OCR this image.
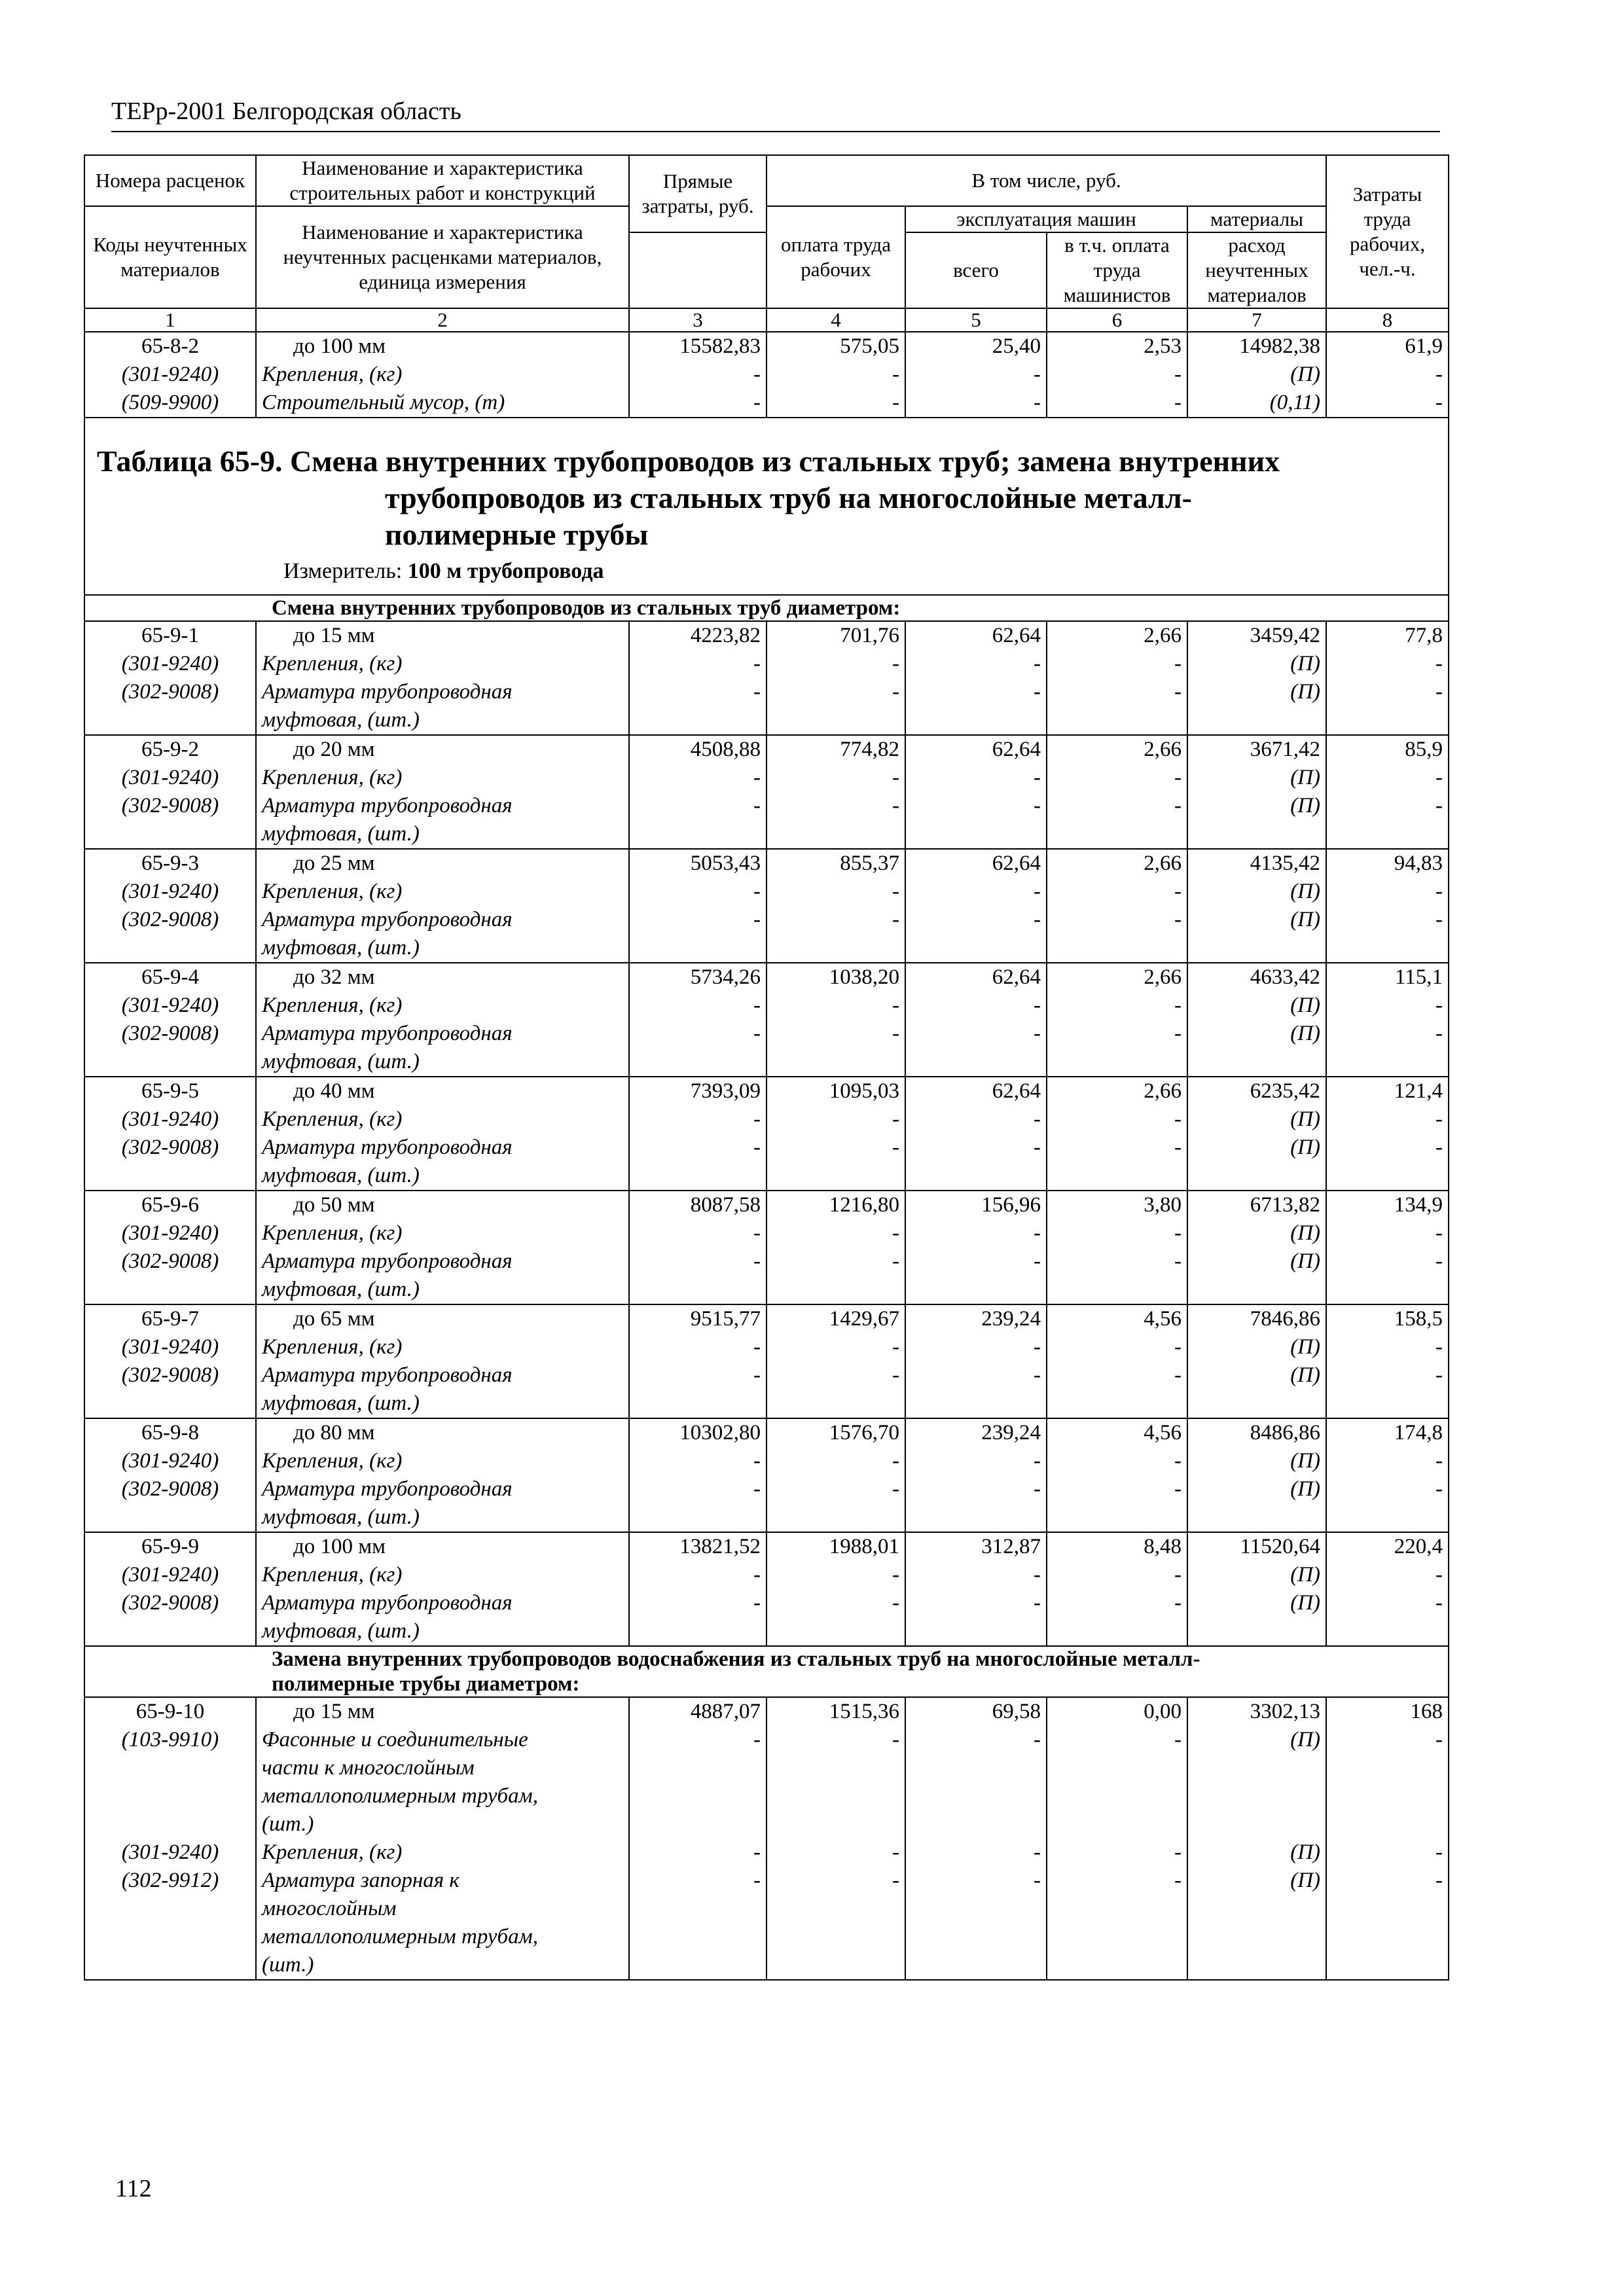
ТЕРр-2001 Белгородская область
Номера расценок	Наименование и характеристика строительных работ и конструкций	Прямые затраты, руб.	В том числе, руб.				Затраты труда рабочих, чел.-ч.
Коды неучтенных материалов	Наименование и характеристика неучтенных расценками материалов, единица измерения		оплата труда рабочих	эксплуатация машин		материалы	
				всего	в т.ч. оплата труда машинистов	расход неучтенных материалов	

1	2	3	4	5	6	7	8
65-8-2	до 100 мм	15582,83	575,05	25,40	2,53	14982,38	61,9
(301-9240)	Крепления, (кг)	-	-	-	-	(П)	-
(509-9900)	Строительный мусор, (т)	-	-	-	-	(0,11)	-

Таблица 65-9. Смена внутренних трубопроводов из стальных труб; замена внутренних
трубопроводов из стальных труб на многослойные металл-
полимерные трубы
Измеритель: 100 м трубопровода							

Смена внутренних трубопроводов из стальных труб диаметром:							
65-9-1	до 15 мм	4223,82	701,76	62,64	2,66	3459,42	77,8
(301-9240)	Крепления, (кг)	-	-	-	-	(П)	-
(302-9008)	Арматура трубопроводная
муфтовая, (шт.)	-	-	-	-	(П)	-
65-9-2	до 20 мм	4508,88	774,82	62,64	2,66	3671,42	85,9
(301-9240)	Крепления, (кг)	-	-	-	-	(П)	-
(302-9008)	Арматура трубопроводная
муфтовая, (шт.)	-	-	-	-	(П)	-
65-9-3	до 25 мм	5053,43	855,37	62,64	2,66	4135,42	94,83
(301-9240)	Крепления, (кг)	-	-	-	-	(П)	-
(302-9008)	Арматура трубопроводная
муфтовая, (шт.)	-	-	-	-	(П)	-
65-9-4	до 32 мм	5734,26	1038,20	62,64	2,66	4633,42	115,1
(301-9240)	Крепления, (кг)	-	-	-	-	(П)	-
(302-9008)	Арматура трубопроводная
муфтовая, (шт.)	-	-	-	-	(П)	-
65-9-5	до 40 мм	7393,09	1095,03	62,64	2,66	6235,42	121,4
(301-9240)	Крепления, (кг)	-	-	-	-	(П)	-
(302-9008)	Арматура трубопроводная
муфтовая, (шт.)	-	-	-	-	(П)	-
65-9-6	до 50 мм	8087,58	1216,80	156,96	3,80	6713,82	134,9
(301-9240)	Крепления, (кг)	-	-	-	-	(П)	-
(302-9008)	Арматура трубопроводная
муфтовая, (шт.)	-	-	-	-	(П)	-
65-9-7	до 65 мм	9515,77	1429,67	239,24	4,56	7846,86	158,5
(301-9240)	Крепления, (кг)	-	-	-	-	(П)	-
(302-9008)	Арматура трубопроводная
муфтовая, (шт.)	-	-	-	-	(П)	-
65-9-8	до 80 мм	10302,80	1576,70	239,24	4,56	8486,86	174,8
(301-9240)	Крепления, (кг)	-	-	-	-	(П)	-
(302-9008)	Арматура трубопроводная
муфтовая, (шт.)	-	-	-	-	(П)	-
65-9-9	до 100 мм	13821,52	1988,01	312,87	8,48	11520,64	220,4
(301-9240)	Крепления, (кг)	-	-	-	-	(П)	-
(302-9008)	Арматура трубопроводная
муфтовая, (шт.)	-	-	-	-	(П)	-
Замена внутренних трубопроводов водоснабжения из стальных труб на многослойные металл-
полимерные трубы диаметром:							
65-9-10	до 15 мм	4887,07	1515,36	69,58	0,00	3302,13	168
(103-9910)	Фасонные и соединительные
части к многослойным
металлополимерным трубам,
(шт.)	-	-	-	-	(П)	-
(301-9240)	Крепления, (кг)	-	-	-	-	(П)	-
(302-9912)	Арматура запорная к
многослойным
металлополимерным трубам,
(шт.)	-	-	-	-	(П)	-
112
